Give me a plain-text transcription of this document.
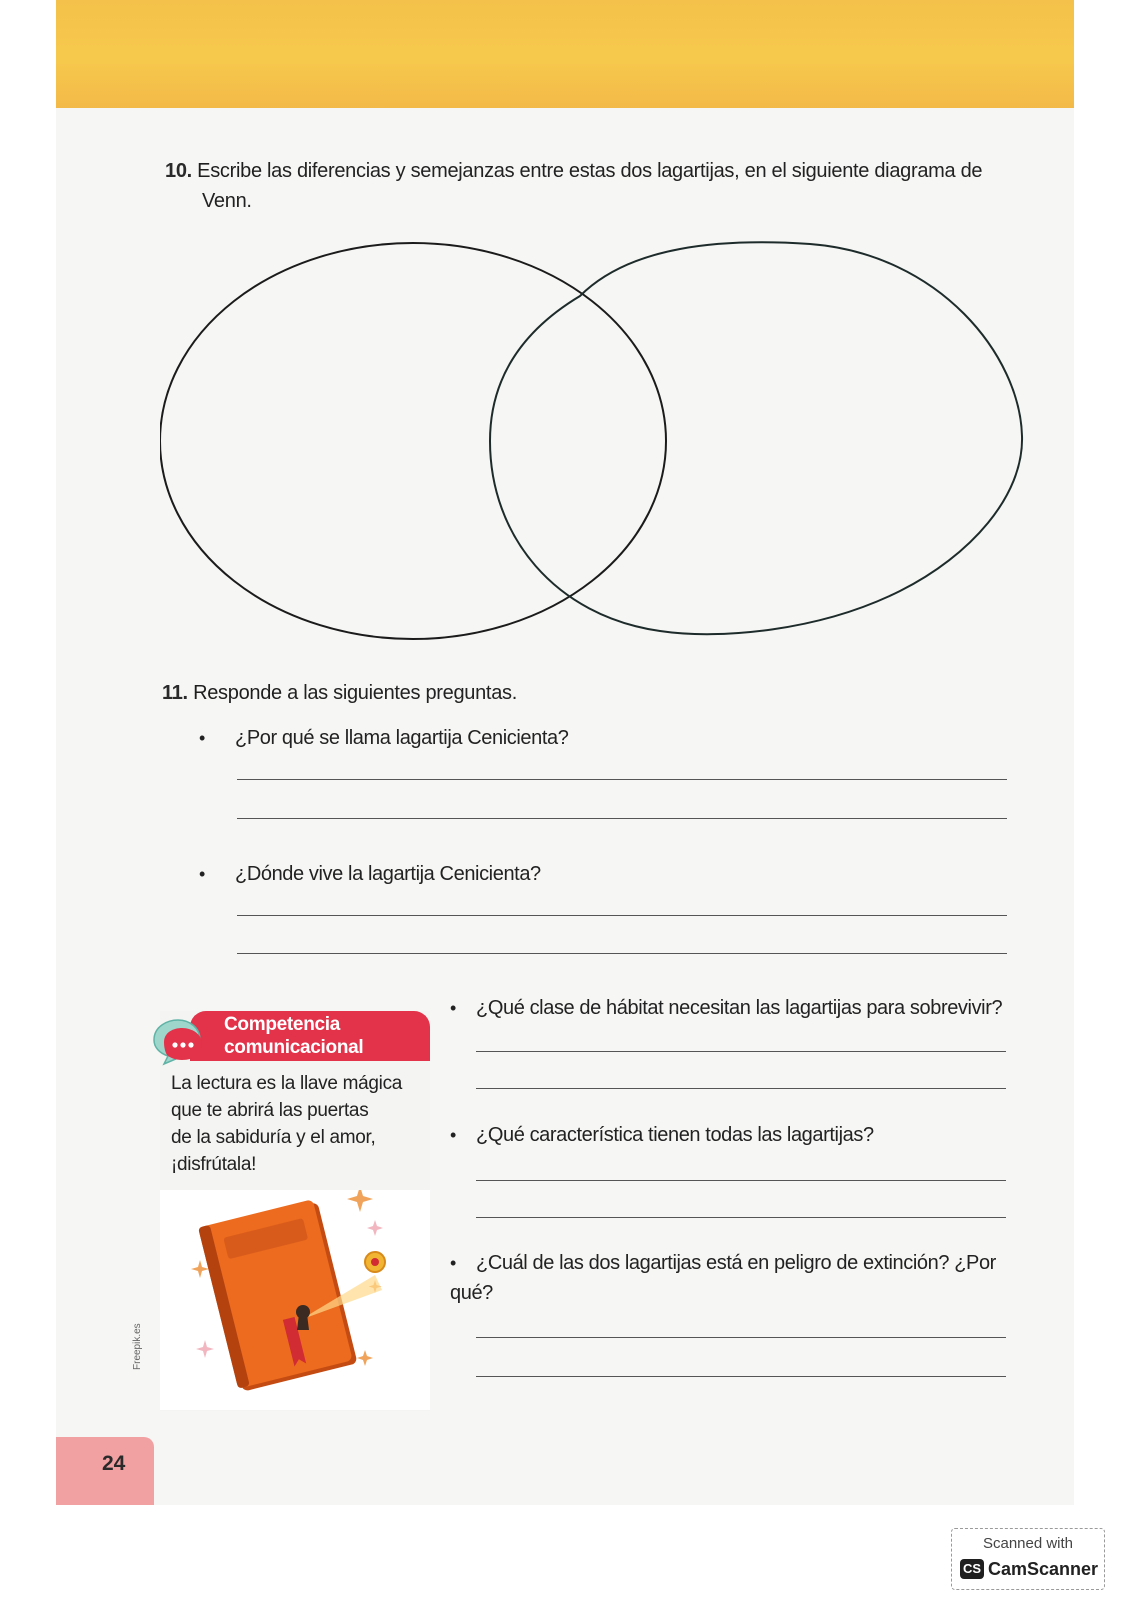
10. Escribe las diferencias y semejanzas entre estas dos lagartijas, en el siguiente diagrama de
Venn.
11. Responde a las siguientes preguntas.
• ¿Por qué se llama lagartija Cenicienta?
• ¿Dónde vive la lagartija Cenicienta?
Competencia
comunicacional
La lectura es la llave mágica
que te abrirá las puertas
de la sabiduría y el amor,
¡disfrútala!
Freepik.es
• ¿Qué clase de hábitat necesitan las lagartijas para sobrevivir?
• ¿Qué característica tienen todas las lagartijas?
• ¿Cuál de las dos lagartijas está en peligro de extinción? ¿Por
qué?
24
Scanned with
CS CamScanner
